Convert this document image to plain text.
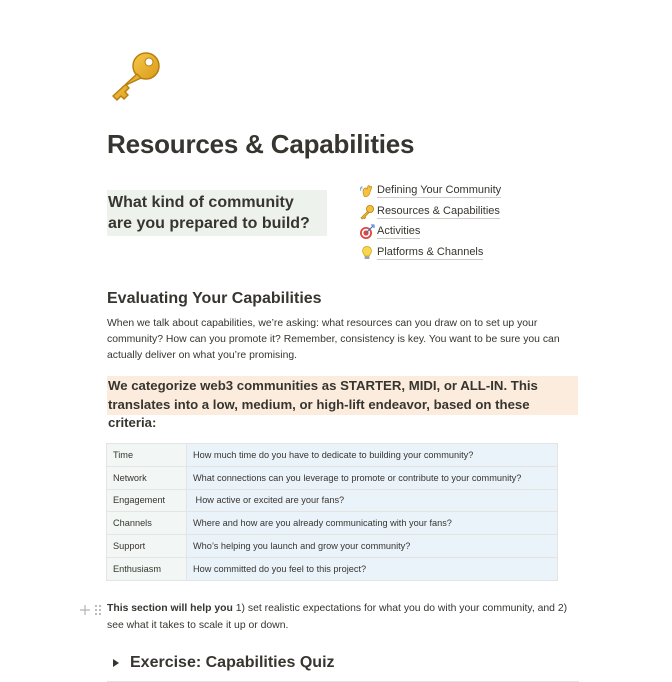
Resources & Capabilities
What kind of community
are you prepared to build?
Defining Your Community
Resources & Capabilities
Activities
Platforms & Channels
Evaluating Your Capabilities

When we talk about capabilities, we’re asking: what resources can you draw on to set up your community? How can you promote it? Remember, consistency is key. You want to be sure you can actually deliver on what you’re promising.

We categorize web3 communities as STARTER, MIDI, or ALL-IN. This translates into a low, medium, or high-lift endeavor, based on these criteria:
Time	How much time do you have to dedicate to building your community?
Network	What connections can you leverage to promote or contribute to your community?
Engagement	How active or excited are your fans?
Channels	Where and how are you already communicating with your fans?
Support	Who’s helping you launch and grow your community?
Enthusiasm	How committed do you feel to this project?

This section will help you 1) set realistic expectations for what you do with your community, and 2) see what it takes to scale it up or down.

Exercise: Capabilities Quiz
